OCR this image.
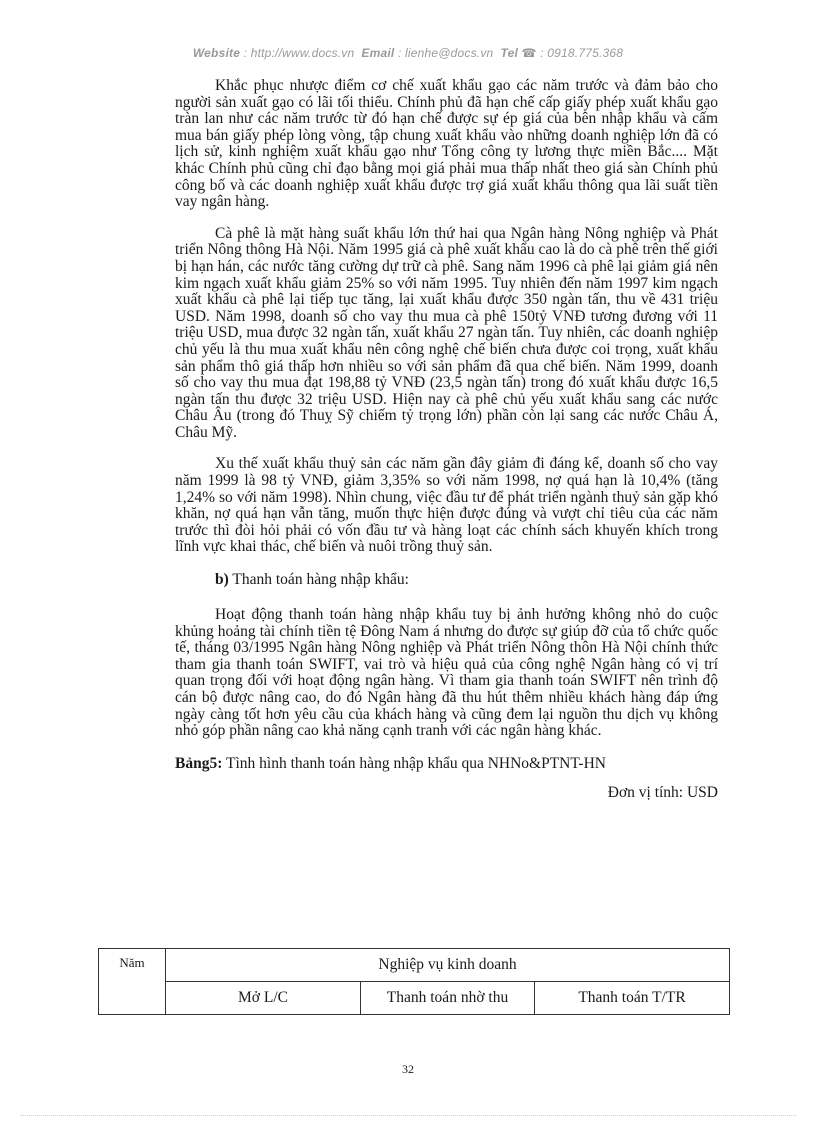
Website : http://www.docs.vn Email : lienhe@docs.vn Tel ☎ : 0918.775.368

Khắc phục nhược điểm cơ chế xuất khẩu gạo các năm trước và đảm bảo cho người sản xuất gạo có lãi tối thiểu. Chính phủ đã hạn chế cấp giấy phép xuất khẩu gạo tràn lan như các năm trước từ đó hạn chế được sự ép giá của bên nhập khẩu và cấm mua bán giấy phép lòng vòng, tập chung xuất khẩu vào những doanh nghiệp lớn đã có lịch sử, kinh nghiệm xuất khẩu gạo như Tổng công ty lương thực miền Bắc.... Mặt khác Chính phủ cũng chỉ đạo bằng mọi giá phải mua thấp nhất theo giá sàn Chính phủ công bố và các doanh nghiệp xuất khẩu được trợ giá xuất khẩu thông qua lãi suất tiền vay ngân hàng.

Cà phê là mặt hàng suất khẩu lớn thứ hai qua Ngân hàng Nông nghiệp và Phát triển Nông thông Hà Nội. Năm 1995 giá cà phê xuất khẩu cao là do cà phê trên thế giới bị hạn hán, các nước tăng cường dự trữ cà phê. Sang năm 1996 cà phê lại giảm giá nên kim ngạch xuất khẩu giảm 25% so với năm 1995. Tuy nhiên đến năm 1997 kim ngạch xuất khẩu cà phê lại tiếp tục tăng, lại xuất khẩu được 350 ngàn tấn, thu về 431 triệu USD. Năm 1998, doanh số cho vay thu mua cà phê 150tỷ VNĐ tương đương với 11 triệu USD, mua được 32 ngàn tấn, xuất khẩu 27 ngàn tấn. Tuy nhiên, các doanh nghiệp chủ yếu là thu mua xuất khẩu nên công nghệ chế biến chưa được coi trọng, xuất khẩu sản phẩm thô giá thấp hơn nhiều so với sản phẩm đã qua chế biến. Năm 1999, doanh số cho vay thu mua đạt 198,88 tỷ VNĐ (23,5 ngàn tấn) trong đó xuất khẩu được 16,5 ngàn tấn thu được 32 triệu USD. Hiện nay cà phê chủ yếu xuất khẩu sang các nước Châu Âu (trong đó Thuỵ Sỹ chiếm tỷ trọng lớn) phần còn lại sang các nước Châu Á, Châu Mỹ.

Xu thế xuất khẩu thuỷ sản các năm gần đây giảm đi đáng kể, doanh số cho vay năm 1999 là 98 tỷ VNĐ, giảm 3,35% so với năm 1998, nợ quá hạn là 10,4% (tăng 1,24% so với năm 1998). Nhìn chung, việc đầu tư để phát triển ngành thuỷ sản gặp khó khăn, nợ quá hạn vẫn tăng, muốn thực hiện được đúng và vượt chỉ tiêu của các năm trước thì đòi hỏi phải có vốn đầu tư và hàng loạt các chính sách khuyến khích trong lĩnh vực khai thác, chế biến và nuôi trồng thuỷ sản.

b) Thanh toán hàng nhập khẩu:

Hoạt động thanh toán hàng nhập khẩu tuy bị ảnh hưởng không nhỏ do cuộc khủng hoảng tài chính tiền tệ Đông Nam á nhưng do được sự giúp đỡ của tổ chức quốc tế, tháng 03/1995 Ngân hàng Nông nghiệp và Phát triển Nông thôn Hà Nội chính thức tham gia thanh toán SWIFT, vai trò và hiệu quả của công nghệ Ngân hàng có vị trí quan trọng đối với hoạt động ngân hàng. Vì tham gia thanh toán SWIFT nên trình độ cán bộ được nâng cao, do đó Ngân hàng đã thu hút thêm nhiều khách hàng đáp ứng ngày càng tốt hơn yêu cầu của khách hàng và cũng đem lại nguồn thu dịch vụ không nhỏ góp phần nâng cao khả năng cạnh tranh với các ngân hàng khác.

Bảng5: Tình hình thanh toán hàng nhập khẩu qua NHNo&PTNT-HN
Đơn vị tính: USD
Năm	Nghiệp vụ kinh doanh		
	Mở L/C	Thanh toán nhờ thu	Thanh toán T/TR
32
